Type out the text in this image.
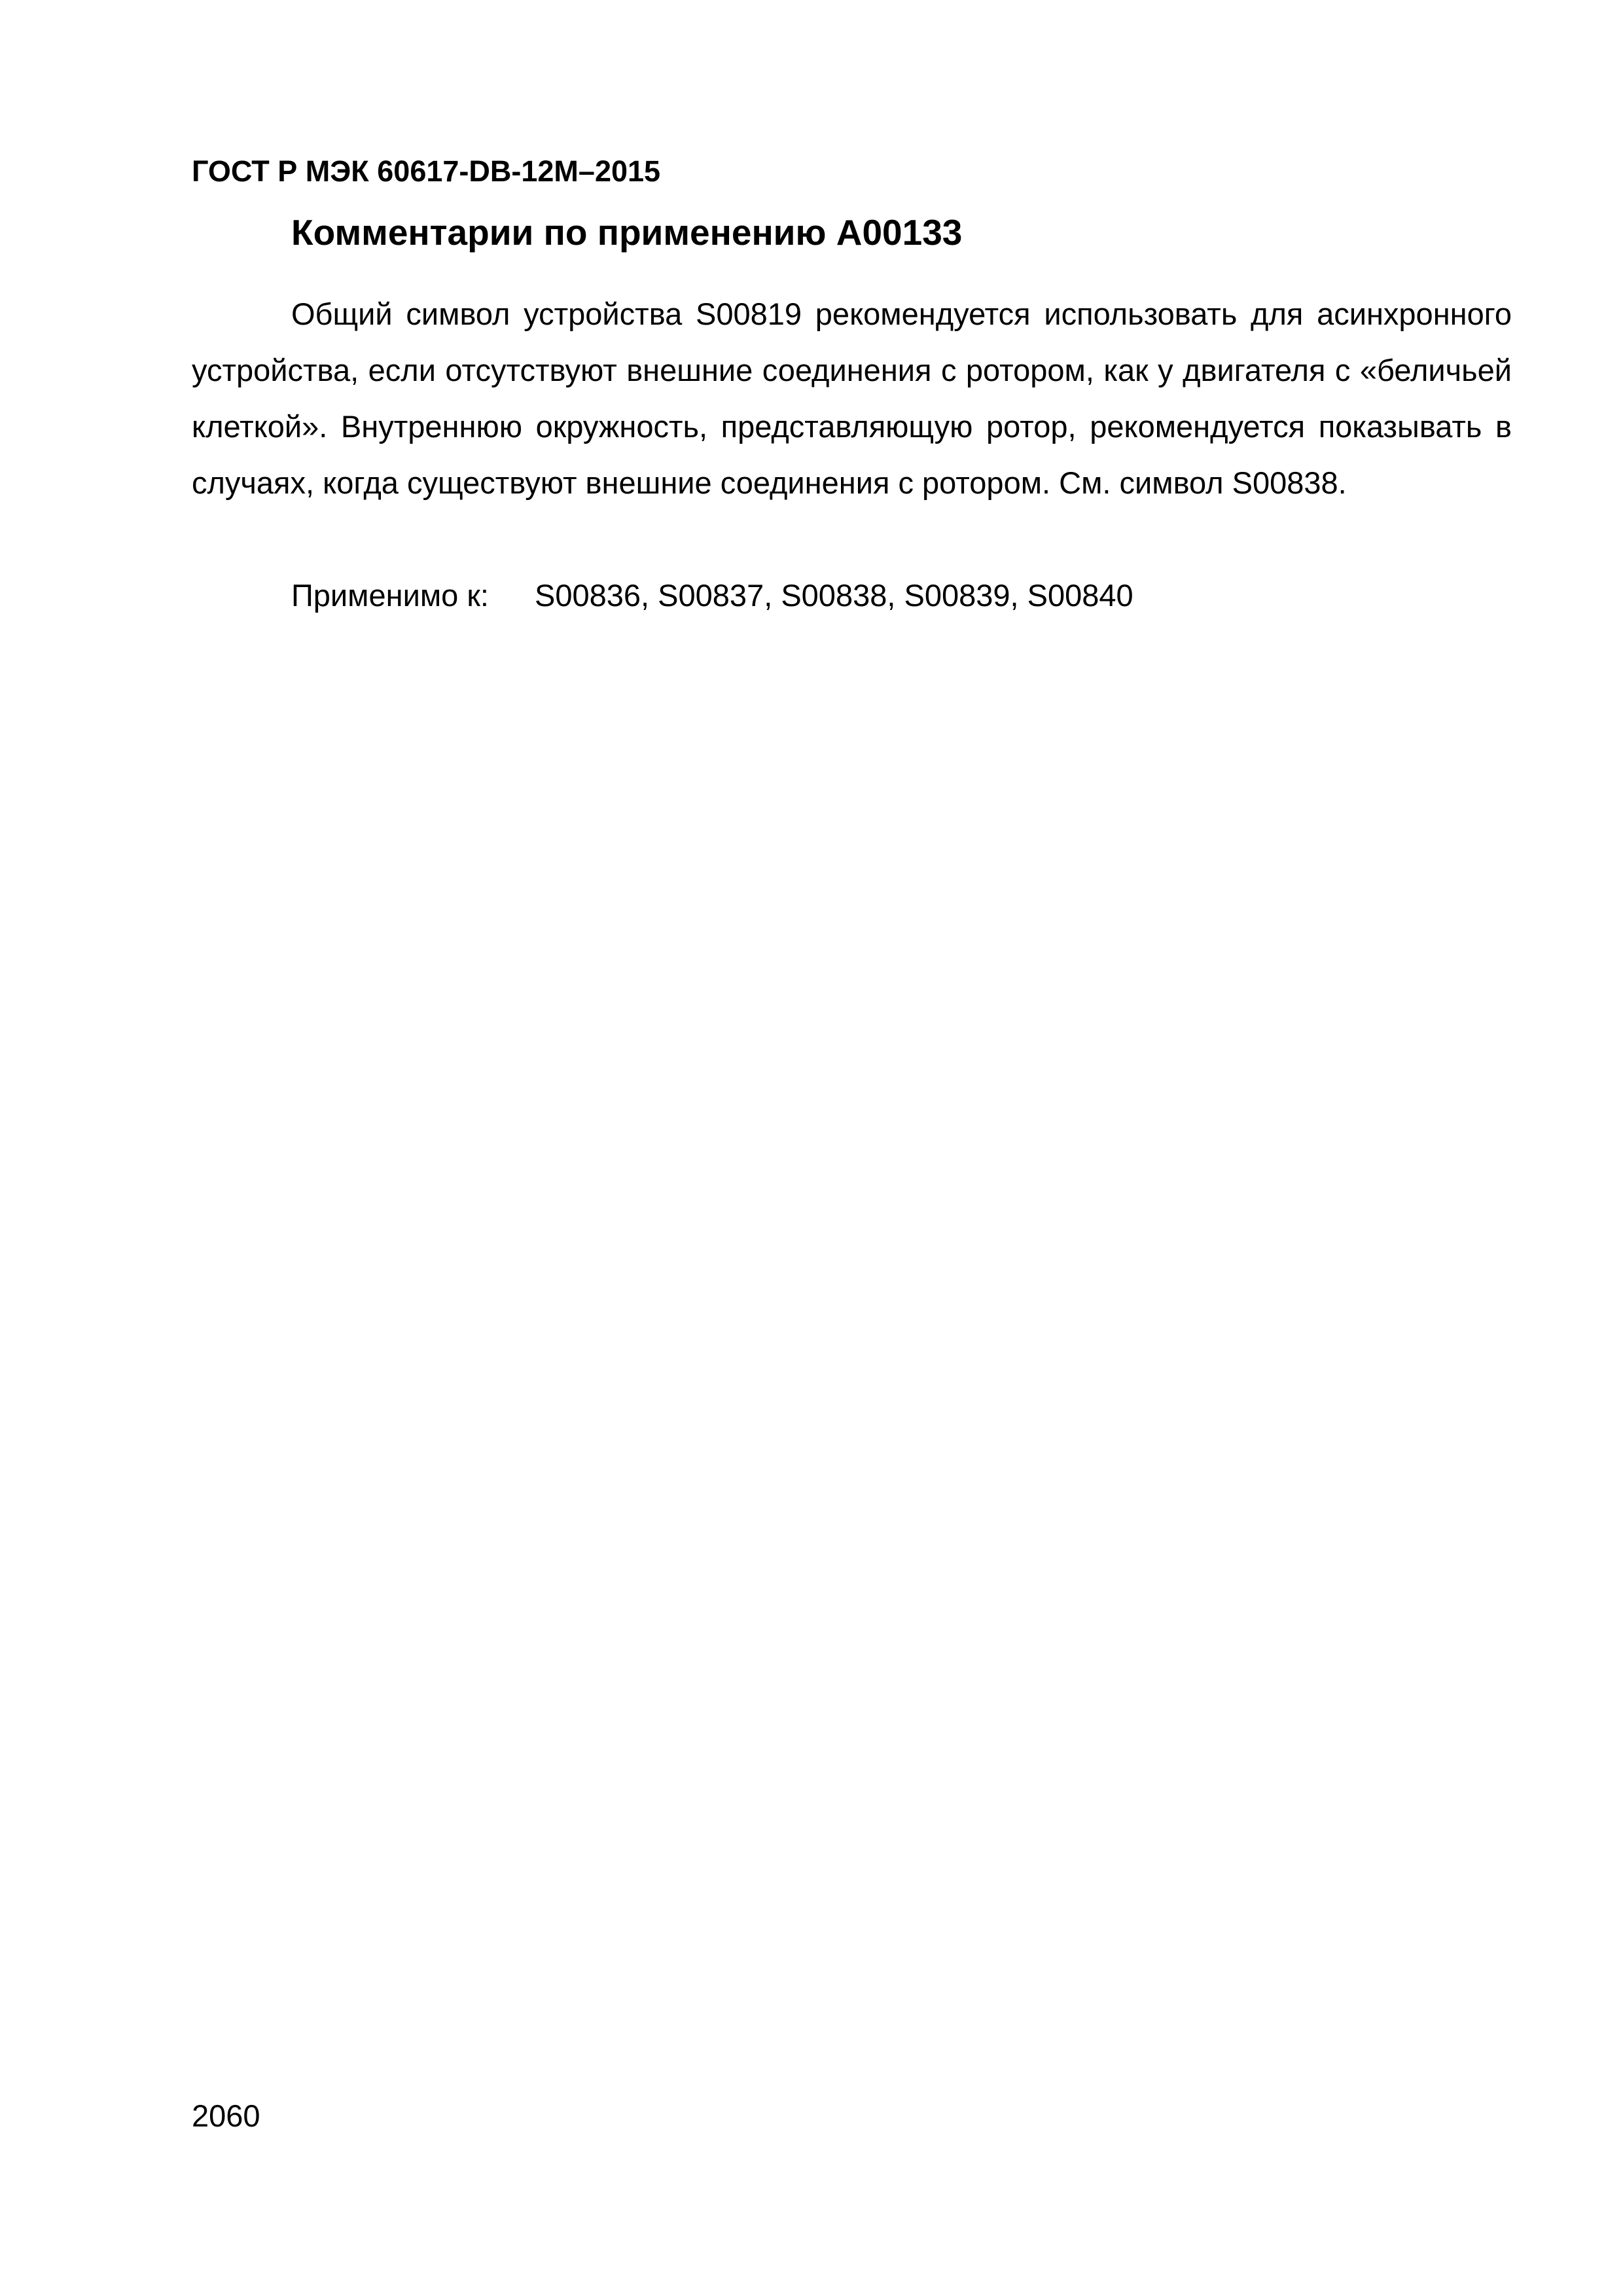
ГОСТ Р МЭК 60617-DB-12M–2015
Комментарии по применению А00133

Общий символ устройства S00819 рекомендуется использовать для асинхронного устройства, если отсутствуют внешние соединения с ротором, как у двигателя с «беличьей клеткой». Внутреннюю окружность, представляющую ротор, рекомендуется показывать в случаях, когда существуют внешние соединения с ротором. См. символ S00838.

Применимо к: S00836, S00837, S00838, S00839, S00840
2060
